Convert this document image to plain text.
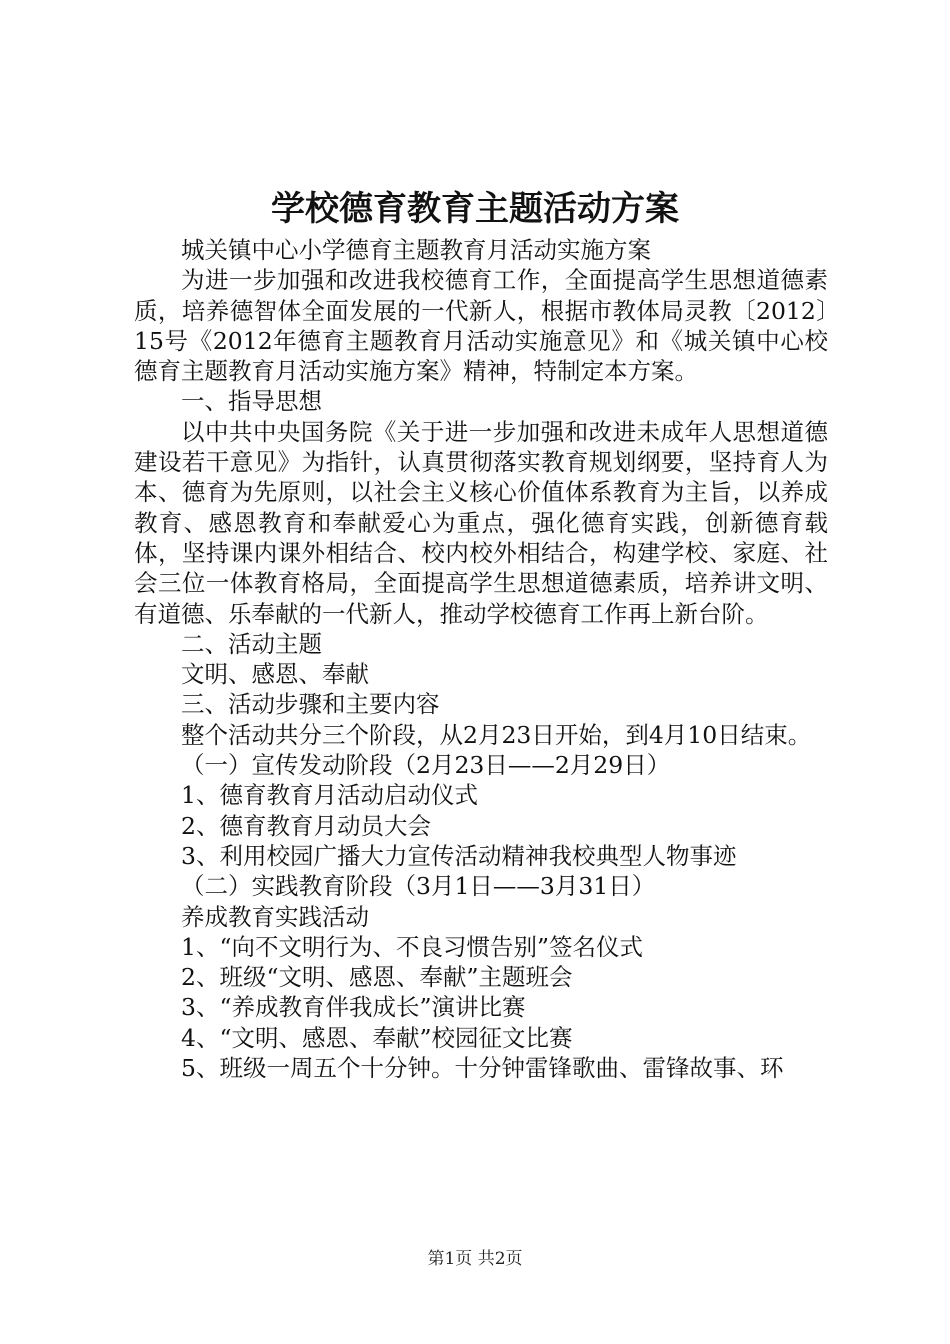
学校德育教育主题活动方案

城关镇中心小学德育主题教育月活动实施方案

为进一步加强和改进我校德育工作，全面提高学生思想道德素质，培养德智体全面发展的一代新人，根据市教体局灵教〔2012〕15号《2012年德育主题教育月活动实施意见》和《城关镇中心校德育主题教育月活动实施方案》精神，特制定本方案。

一、指导思想

以中共中央国务院《关于进一步加强和改进未成年人思想道德建设若干意见》为指针，认真贯彻落实教育规划纲要，坚持育人为本、德育为先原则，以社会主义核心价值体系教育为主旨，以养成教育、感恩教育和奉献爱心为重点，强化德育实践，创新德育载体，坚持课内课外相结合、校内校外相结合，构建学校、家庭、社会三位一体教育格局，全面提高学生思想道德素质，培养讲文明、有道德、乐奉献的一代新人，推动学校德育工作再上新台阶。

二、活动主题

文明、感恩、奉献

三、活动步骤和主要内容

整个活动共分三个阶段，从2月23日开始，到4月10日结束。

（一）宣传发动阶段（2月23日——2月29日）

1、德育教育月活动启动仪式

2、德育教育月动员大会

3、利用校园广播大力宣传活动精神我校典型人物事迹

（二）实践教育阶段（3月1日——3月31日）

养成教育实践活动

1、“向不文明行为、不良习惯告别”签名仪式

2、班级“文明、感恩、奉献”主题班会

3、“养成教育伴我成长”演讲比赛

4、“文明、感恩、奉献”校园征文比赛

5、班级一周五个十分钟。十分钟雷锋歌曲、雷锋故事、环

第1页 共2页
